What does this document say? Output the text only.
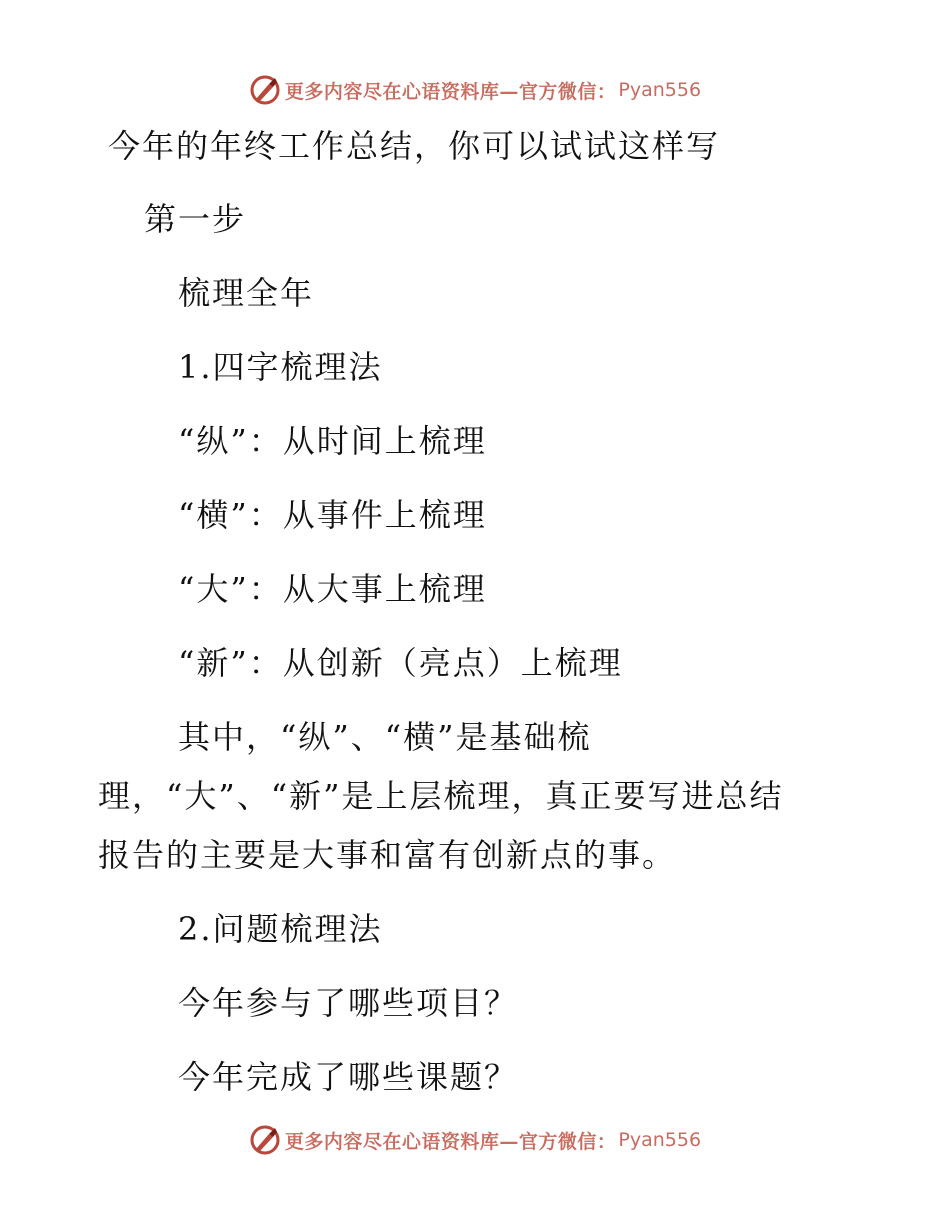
更多内容尽在心语资料库—官方微信： Pyan556
今年的年终工作总结，你可以试试这样写
第一步
梳理全年
1.四字梳理法
“纵”：从时间上梳理
“横”：从事件上梳理
“大”：从大事上梳理
“新”：从创新（亮点）上梳理
其中，“纵”、“横”是基础梳
理，“大”、“新”是上层梳理，真正要写进总结
报告的主要是大事和富有创新点的事。
2.问题梳理法
今年参与了哪些项目？
今年完成了哪些课题？
更多内容尽在心语资料库—官方微信： Pyan556
